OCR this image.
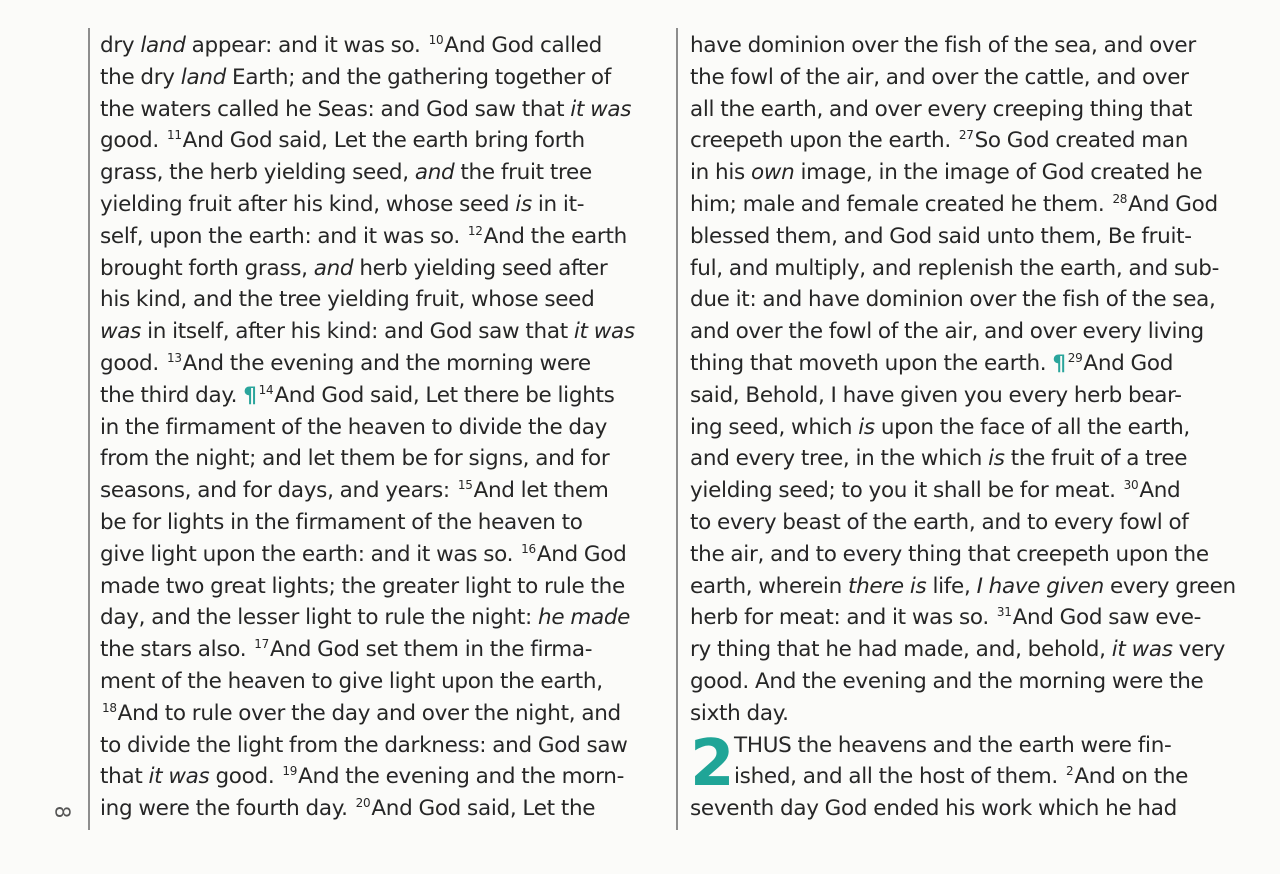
8
dry land appear: and it was so. $^{10}$And God called
the dry land Earth; and the gathering together of
the waters called he Seas: and God saw that it was
good. $^{11}$And God said, Let the earth bring forth
grass, the herb yielding seed, and the fruit tree
yielding fruit after his kind, whose seed is in it-
self, upon the earth: and it was so. $^{12}$And the earth
brought forth grass, and herb yielding seed after
his kind, and the tree yielding fruit, whose seed
was in itself, after his kind: and God saw that it was
good. $^{13}$And the evening and the morning were
the third day. ¶ $^{14}$And God said, Let there be lights
in the firmament of the heaven to divide the day
from the night; and let them be for signs, and for
seasons, and for days, and years: $^{15}$And let them
be for lights in the firmament of the heaven to
give light upon the earth: and it was so. $^{16}$And God
made two great lights; the greater light to rule the
day, and the lesser light to rule the night: he made
the stars also. $^{17}$And God set them in the firma-
ment of the heaven to give light upon the earth,
$^{18}$And to rule over the day and over the night, and
to divide the light from the darkness: and God saw
that it was good. $^{19}$And the evening and the morn-
ing were the fourth day. $^{20}$And God said, Let the
have dominion over the fish of the sea, and over
the fowl of the air, and over the cattle, and over
all the earth, and over every creeping thing that
creepeth upon the earth. $^{27}$So God created man
in his own image, in the image of God created he
him; male and female created he them. $^{28}$And God
blessed them, and God said unto them, Be fruit-
ful, and multiply, and replenish the earth, and sub-
due it: and have dominion over the fish of the sea,
and over the fowl of the air, and over every living
thing that moveth upon the earth. ¶ $^{29}$And God
said, Behold, I have given you every herb bear-
ing seed, which is upon the face of all the earth,
and every tree, in the which is the fruit of a tree
yielding seed; to you it shall be for meat. $^{30}$And
to every beast of the earth, and to every fowl of
the air, and to every thing that creepeth upon the
earth, wherein there is life, I have given every green
herb for meat: and it was so. $^{31}$And God saw eve-
ry thing that he had made, and, behold, it was very
good. And the evening and the morning were the
sixth day.
2 THUS the heavens and the earth were fin-
ished, and all the host of them. $^2$And on the
seventh day God ended his work which he had
